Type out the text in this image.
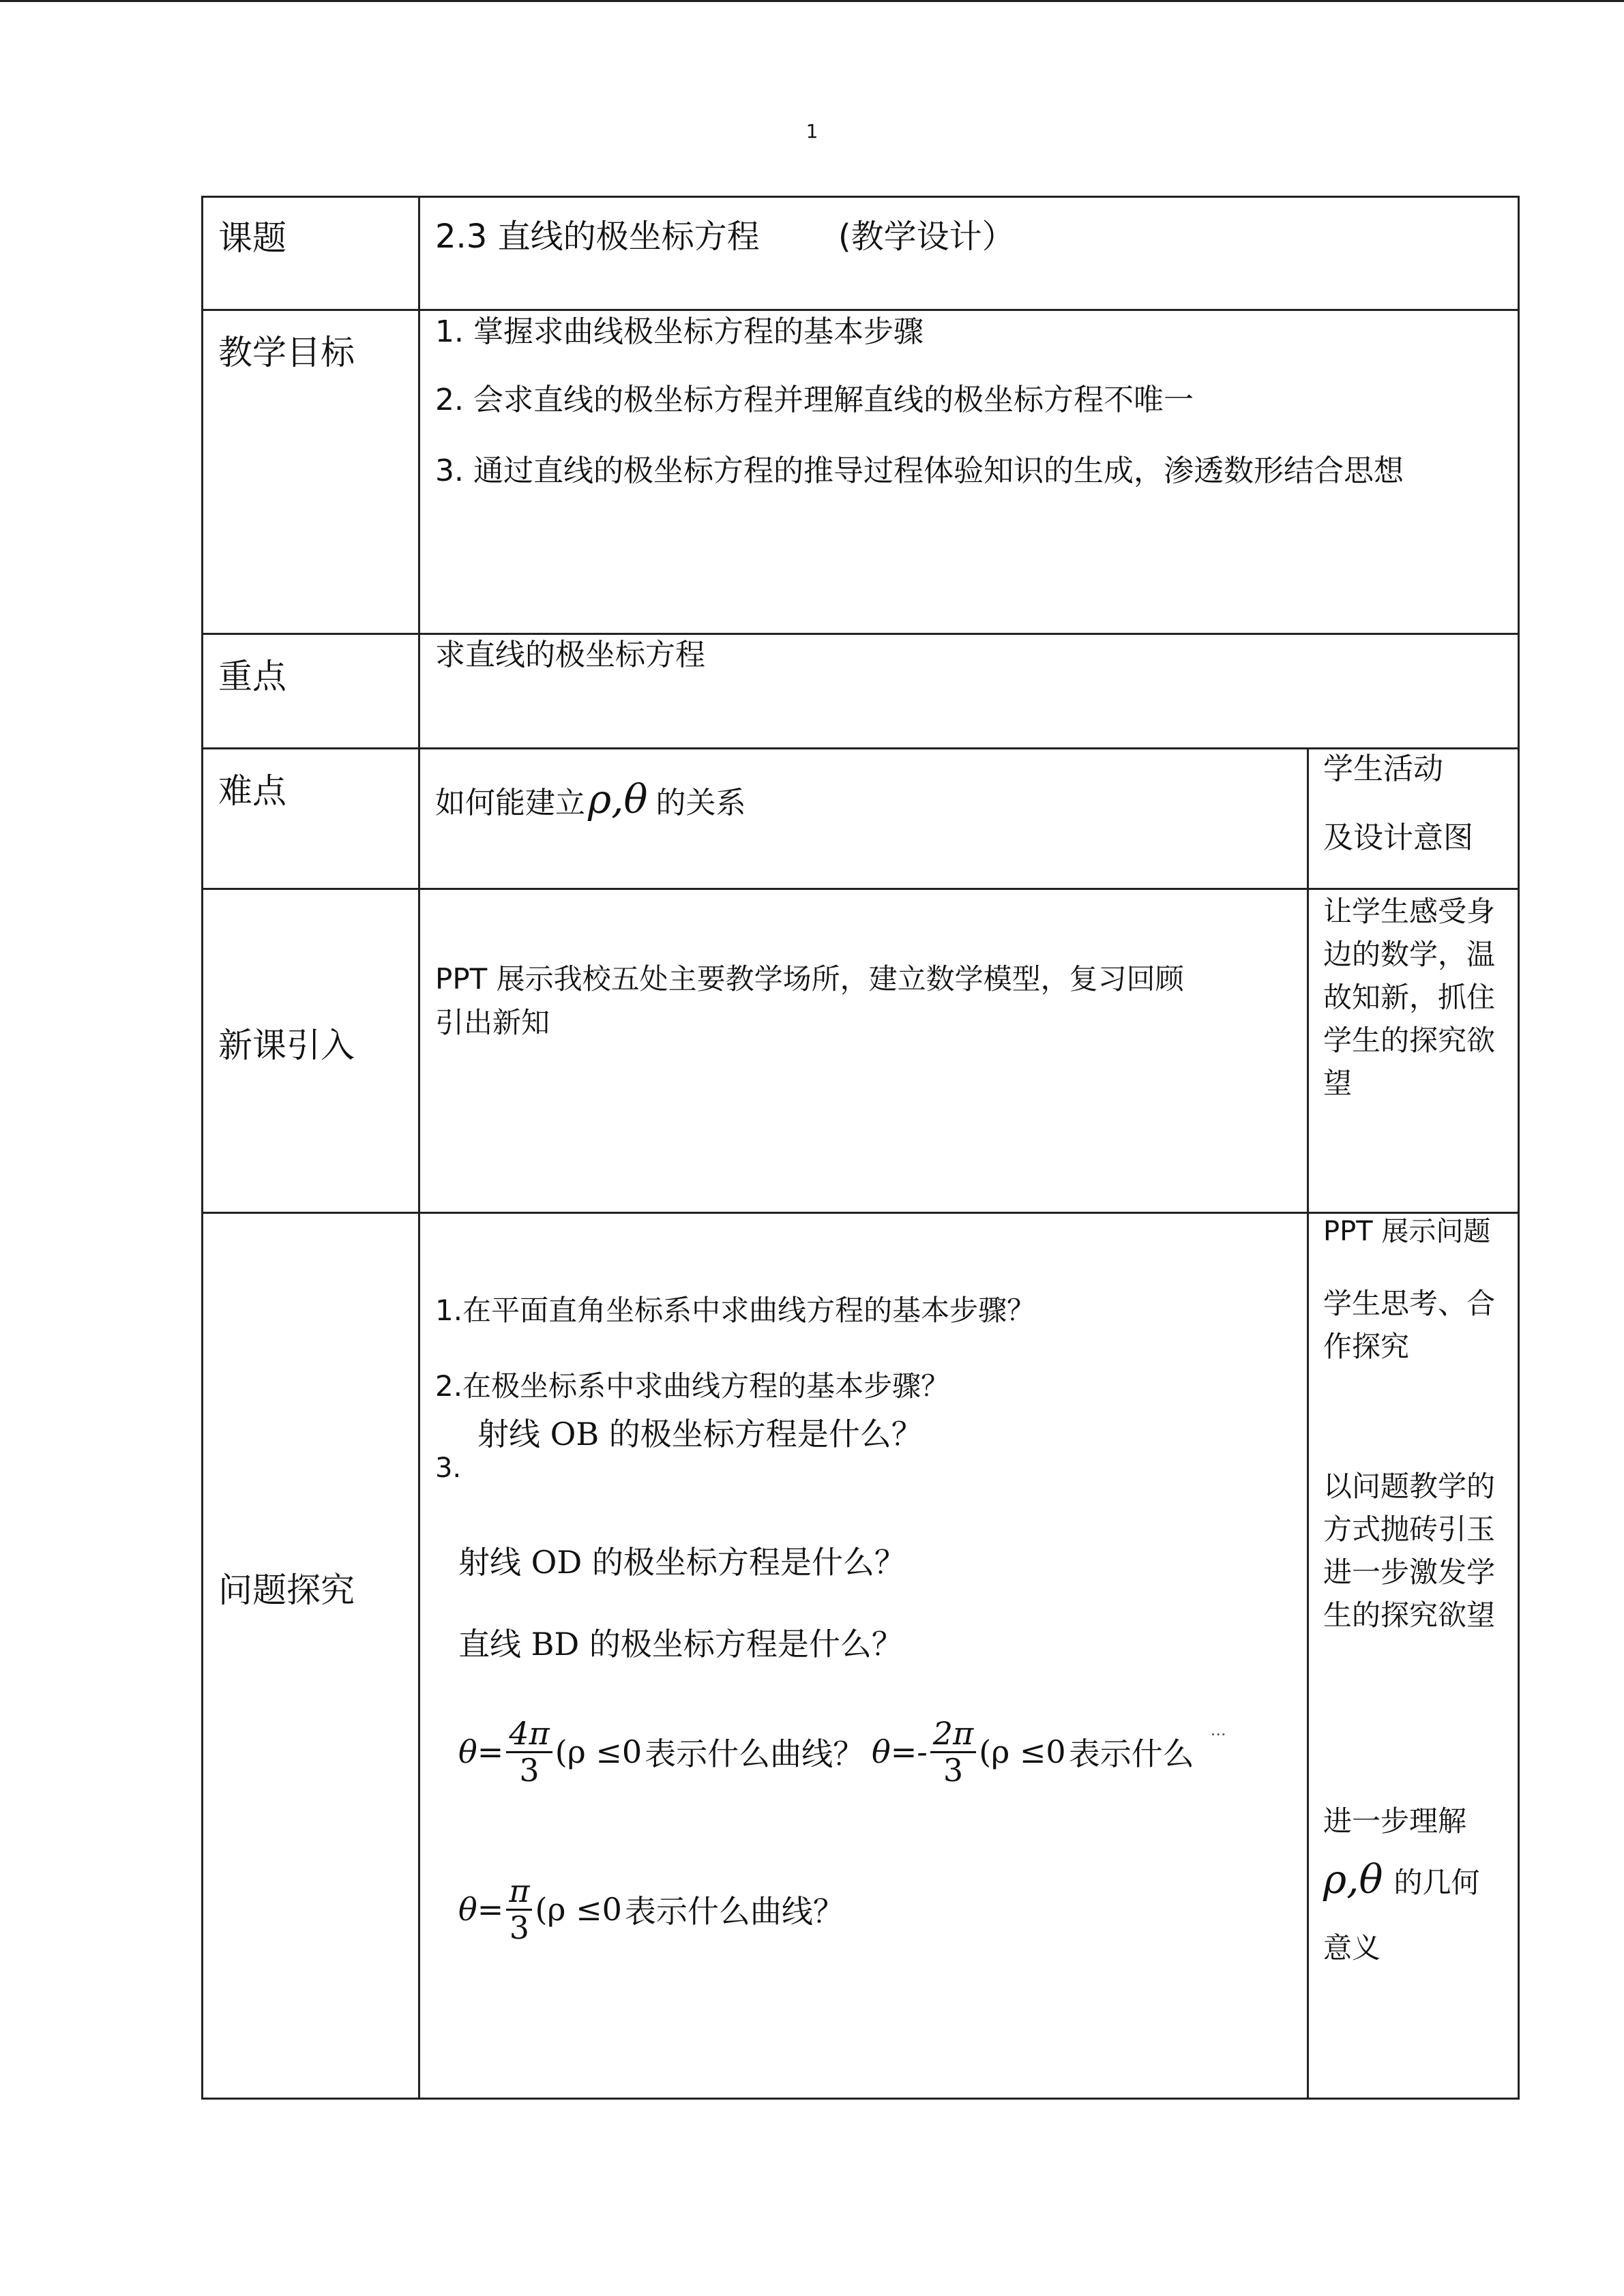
1
课题	2.3 直线的极坐标方程 (教学设计）
教学目标
1. 掌握求曲线极坐标方程的基本步骤
2. 会求直线的极坐标方程并理解直线的极坐标方程不唯一
3. 通过直线的极坐标方程的推导过程体验知识的生成，渗透数形结合思想
重点
求直线的极坐标方程
难点	如何能建立 ρ,θ 的关系
学生活动
及设计意图
新课引入
PPT 展示我校五处主要教学场所，建立数学模型，复习回顾
引出新知
让学生感受身边的数学，温故知新，抓住学生的探究欲望
问题探究
1.在平面直角坐标系中求曲线方程的基本步骤？
2.在极坐标系中求曲线方程的基本步骤？
射线 OB 的极坐标方程是什么？
3.
射线 OD 的极坐标方程是什么？
直线 BD 的极坐标方程是什么？
$\theta= \frac{4\pi}{3} (\rho \le 0$ 表示什么曲线？ $\theta=- \frac{2\pi}{3} (\rho \le 0$ 表示什么
···
$\theta= \frac{\pi}{3} (\rho \le 0$ 表示什么曲线？
PPT 展示问题
学生思考、合作探究
以问题教学的方式抛砖引玉进一步激发学生的探究欲望
进一步理解
ρ,θ 的几何
意义
